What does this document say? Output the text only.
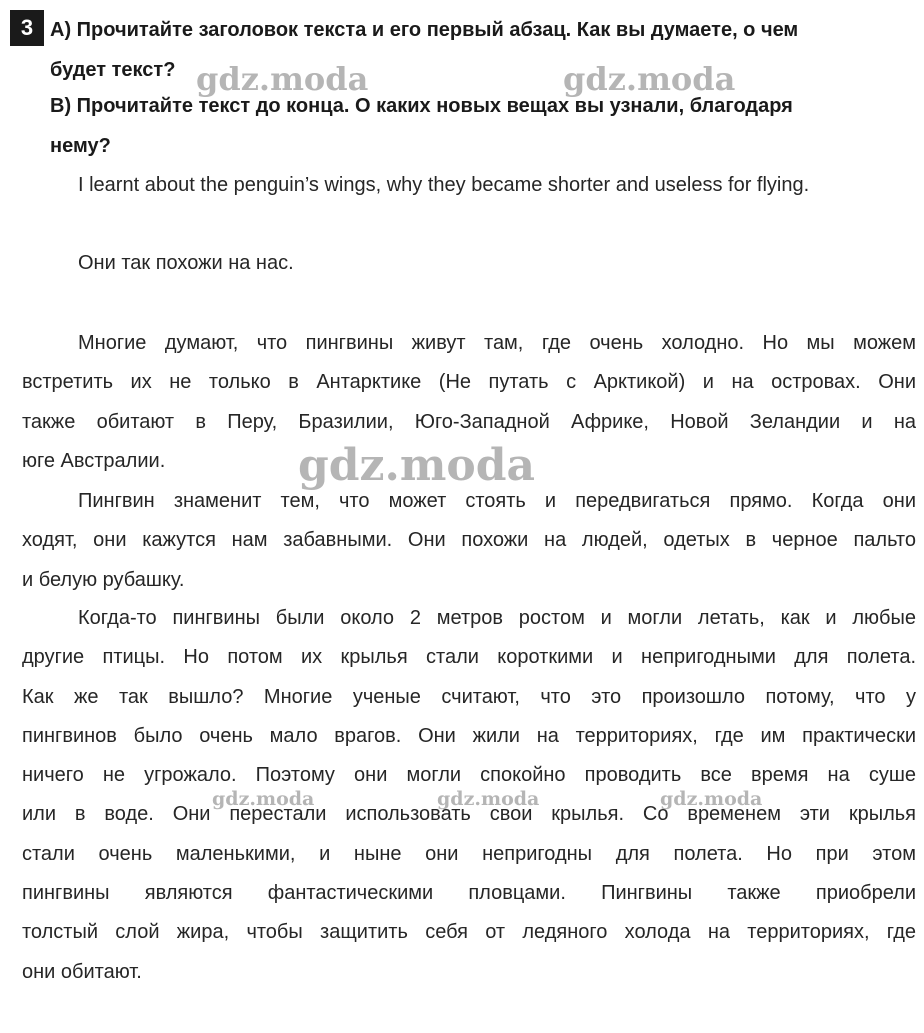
3 A) Прочитайте заголовок текста и его первый абзац. Как вы думаете, о чем
будет текст?
B) Прочитайте текст до конца. О каких новых вещах вы узнали, благодаря
нему?
I learnt about the penguin’s wings, why they became shorter and useless for flying.
Они так похожи на нас.
Многие думают, что пингвины живут там, где очень холодно. Но мы можем
встретить их не только в Антарктике (Не путать с Арктикой) и на островах. Они
также обитают в Перу, Бразилии, Юго-Западной Африке, Новой Зеландии и на
юге Австралии.
Пингвин знаменит тем, что может стоять и передвигаться прямо. Когда они
ходят, они кажутся нам забавными. Они похожи на людей, одетых в черное пальто
и белую рубашку.
Когда-то пингвины были около 2 метров ростом и могли летать, как и любые
другие птицы. Но потом их крылья стали короткими и непригодными для полета.
Как же так вышло? Многие ученые считают, что это произошло потому, что у
пингвинов было очень мало врагов. Они жили на территориях, где им практически
ничего не угрожало. Поэтому они могли спокойно проводить все время на суше
или в воде. Они перестали использовать свои крылья. Со временем эти крылья
стали очень маленькими, и ныне они непригодны для полета. Но при этом
пингвины являются фантастическими пловцами. Пингвины также приобрели
толстый слой жира, чтобы защитить себя от ледяного холода на территориях, где
они обитают.
gdz.moda	gdz.moda
gdz.moda
gdz.moda	gdz.moda	gdz.moda
